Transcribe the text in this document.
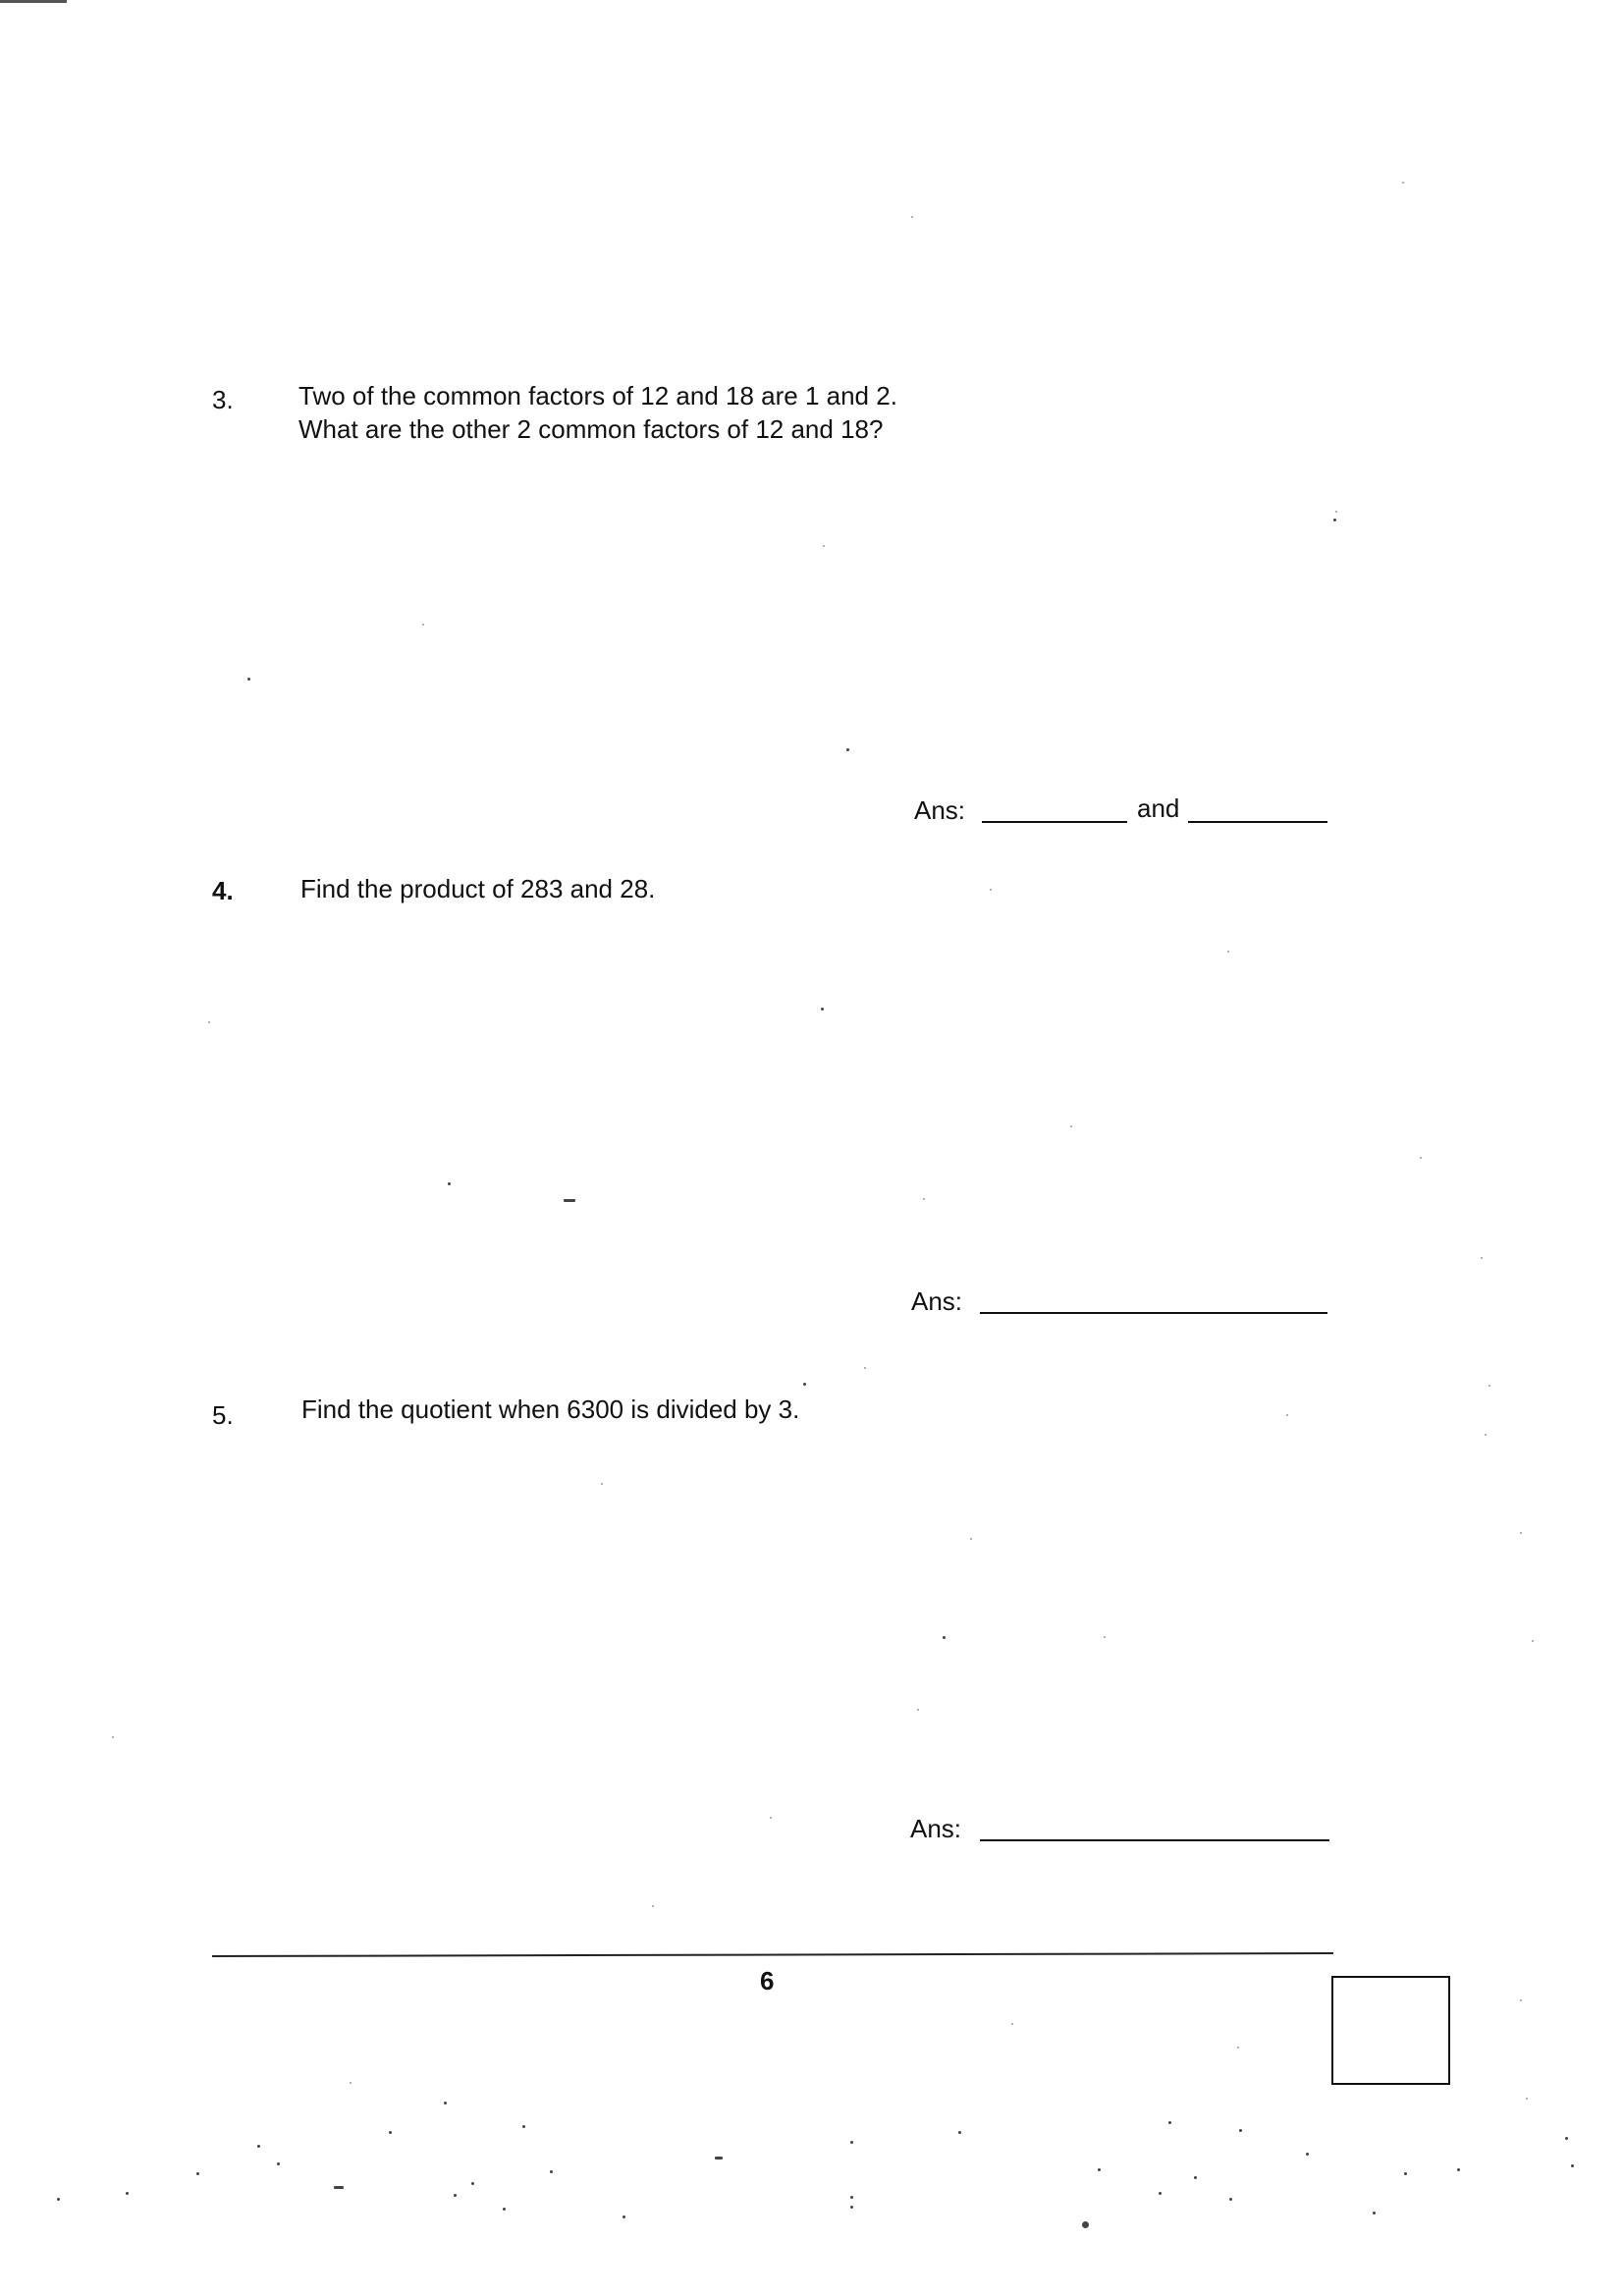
3.	Two of the common factors of 12 and 18 are 1 and 2.
What are the other 2 common factors of 12 and 18?
Ans:	and
4.	Find the product of 283 and 28.
Ans:
5.	Find the quotient when 6300 is divided by 3.
Ans:
6
